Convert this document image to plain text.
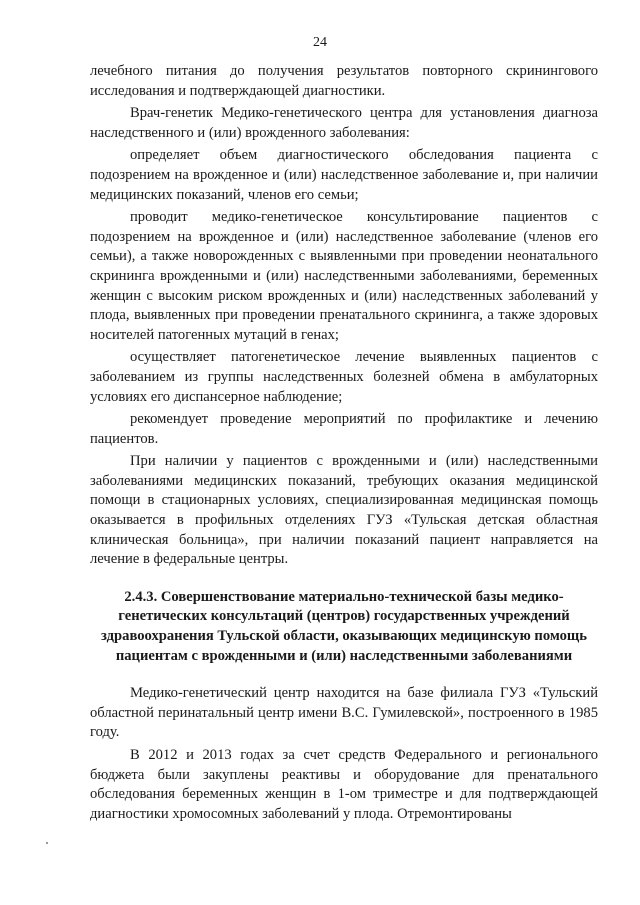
24

лечебного питания до получения результатов повторного скринингового исследования и подтверждающей диагностики.

Врач-генетик Медико-генетического центра для установления диагноза наследственного и (или) врожденного заболевания:

определяет объем диагностического обследования пациента с подозрением на врожденное и (или) наследственное заболевание и, при наличии медицинских показаний, членов его семьи;

проводит медико-генетическое консультирование пациентов с подозрением на врожденное и (или) наследственное заболевание (членов его семьи), а также новорожденных с выявленными при проведении неонатального скрининга врожденными и (или) наследственными заболеваниями, беременных женщин с высоким риском врожденных и (или) наследственных заболеваний у плода, выявленных при проведении пренатального скрининга, а также здоровых носителей патогенных мутаций в генах;

осуществляет патогенетическое лечение выявленных пациентов с заболеванием из группы наследственных болезней обмена в амбулаторных условиях его диспансерное наблюдение;

рекомендует проведение мероприятий по профилактике и лечению пациентов.

При наличии у пациентов с врожденными и (или) наследственными заболеваниями медицинских показаний, требующих оказания медицинской помощи в стационарных условиях, специализированная медицинская помощь оказывается в профильных отделениях ГУЗ «Тульская детская областная клиническая больница», при наличии показаний пациент направляется на лечение в федеральные центры.

2.4.3. Совершенствование материально-технической базы медико-генетических консультаций (центров) государственных учреждений здравоохранения Тульской области, оказывающих медицинскую помощь пациентам с врожденными и (или) наследственными заболеваниями

Медико-генетический центр находится на базе филиала ГУЗ «Тульский областной перинатальный центр имени В.С. Гумилевской», построенного в 1985 году.

В 2012 и 2013 годах за счет средств Федерального и регионального бюджета были закуплены реактивы и оборудование для пренатального обследования беременных женщин в 1-ом триместре и для подтверждающей диагностики хромосомных заболеваний у плода. Отремонтированы
